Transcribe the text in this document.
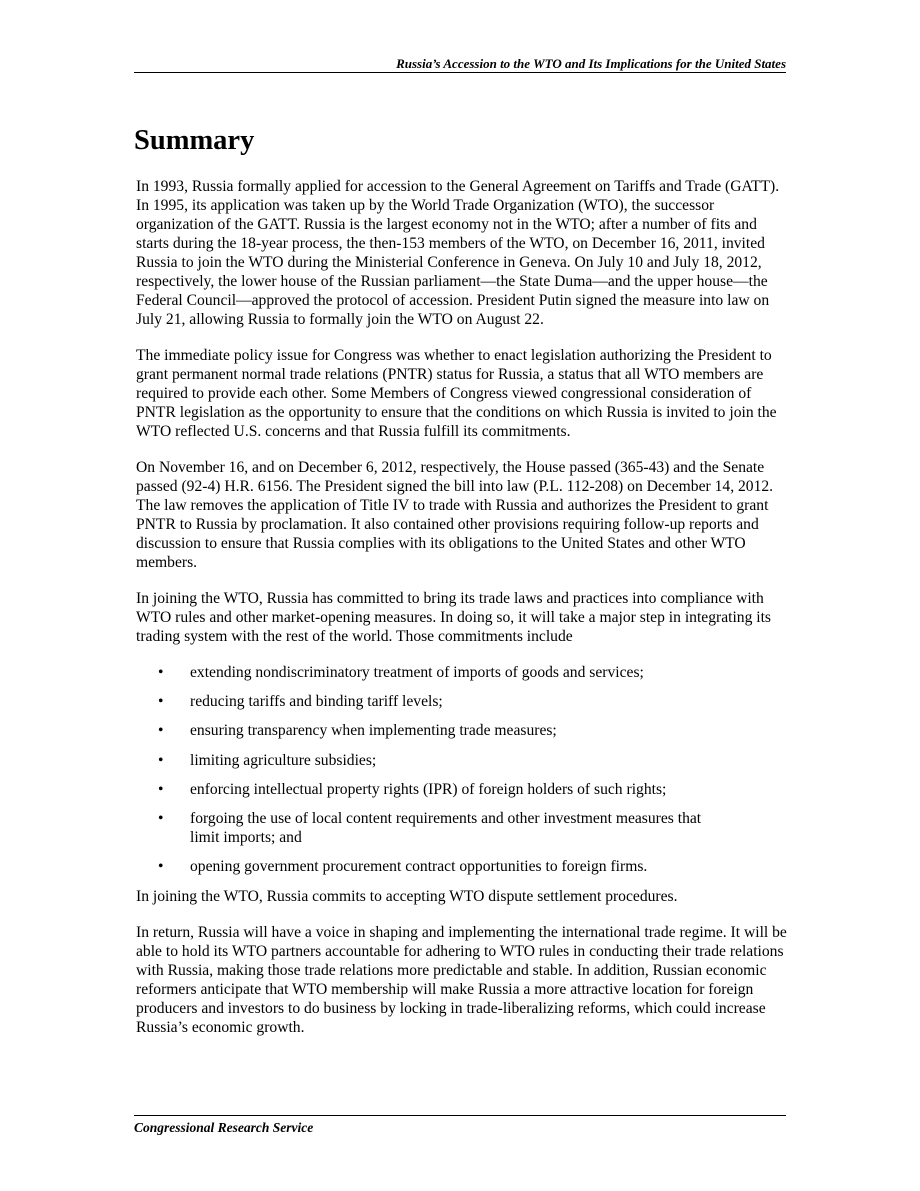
Russia’s Accession to the WTO and Its Implications for the United States
Summary

In 1993, Russia formally applied for accession to the General Agreement on Tariffs and Trade (GATT). In 1995, its application was taken up by the World Trade Organization (WTO), the successor organization of the GATT. Russia is the largest economy not in the WTO; after a number of fits and starts during the 18-year process, the then-153 members of the WTO, on December 16, 2011, invited Russia to join the WTO during the Ministerial Conference in Geneva. On July 10 and July 18, 2012, respectively, the lower house of the Russian parliament—the State Duma—and the upper house—the Federal Council—approved the protocol of accession. President Putin signed the measure into law on July 21, allowing Russia to formally join the WTO on August 22.

The immediate policy issue for Congress was whether to enact legislation authorizing the President to grant permanent normal trade relations (PNTR) status for Russia, a status that all WTO members are required to provide each other. Some Members of Congress viewed congressional consideration of PNTR legislation as the opportunity to ensure that the conditions on which Russia is invited to join the WTO reflected U.S. concerns and that Russia fulfill its commitments.

On November 16, and on December 6, 2012, respectively, the House passed (365-43) and the Senate passed (92-4) H.R. 6156. The President signed the bill into law (P.L. 112-208) on December 14, 2012. The law removes the application of Title IV to trade with Russia and authorizes the President to grant PNTR to Russia by proclamation. It also contained other provisions requiring follow-up reports and discussion to ensure that Russia complies with its obligations to the United States and other WTO members.

In joining the WTO, Russia has committed to bring its trade laws and practices into compliance with WTO rules and other market-opening measures. In doing so, it will take a major step in integrating its trading system with the rest of the world. Those commitments include

• extending nondiscriminatory treatment of imports of goods and services;
• reducing tariffs and binding tariff levels;
• ensuring transparency when implementing trade measures;
• limiting agriculture subsidies;
• enforcing intellectual property rights (IPR) of foreign holders of such rights;
• forgoing the use of local content requirements and other investment measures that limit imports; and
• opening government procurement contract opportunities to foreign firms.

In joining the WTO, Russia commits to accepting WTO dispute settlement procedures.

In return, Russia will have a voice in shaping and implementing the international trade regime. It will be able to hold its WTO partners accountable for adhering to WTO rules in conducting their trade relations with Russia, making those trade relations more predictable and stable. In addition, Russian economic reformers anticipate that WTO membership will make Russia a more attractive location for foreign producers and investors to do business by locking in trade-liberalizing reforms, which could increase Russia’s economic growth.

Congressional Research Service
